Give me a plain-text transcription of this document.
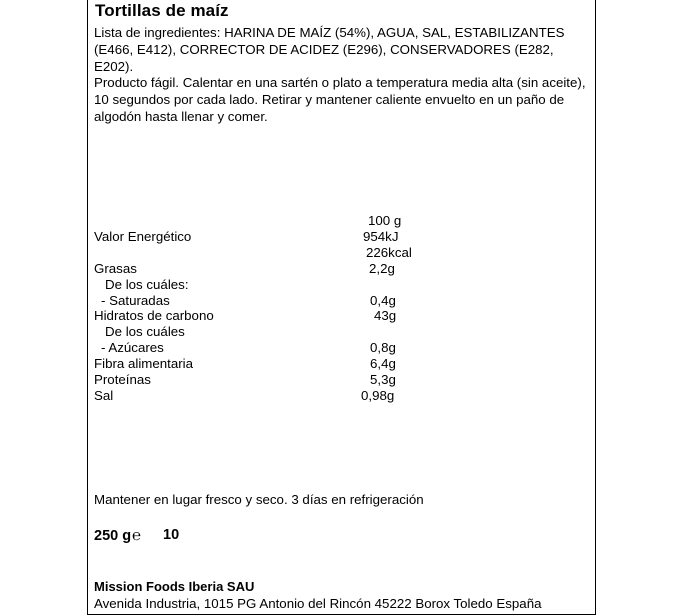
Tortillas de maíz
Lista de ingredientes: HARINA DE MAÍZ (54%), AGUA, SAL, ESTABILIZANTES (E466, E412), CORRECTOR DE ACIDEZ (E296), CONSERVADORES (E282, E202).
Producto fágil. Calentar en una sartén o plato a temperatura media alta (sin aceite), 10 segundos por cada lado. Retirar y mantener caliente envuelto en un paño de algodón hasta llenar y comer.
100 g
Valor Energético	954kJ
226kcal
Grasas	2,2g
De los cuáles:
- Saturadas	0,4g
Hidratos de carbono	43g
De los cuáles
- Azúcares	0,8g
Fibra alimentaria	6,4g
Proteínas	5,3g
Sal	0,98g
Mantener en lugar fresco y seco. 3 días en refrigeración
250 g℮ 10
Mission Foods Iberia SAU
Avenida Industria, 1015 PG Antonio del Rincón 45222 Borox Toledo España
